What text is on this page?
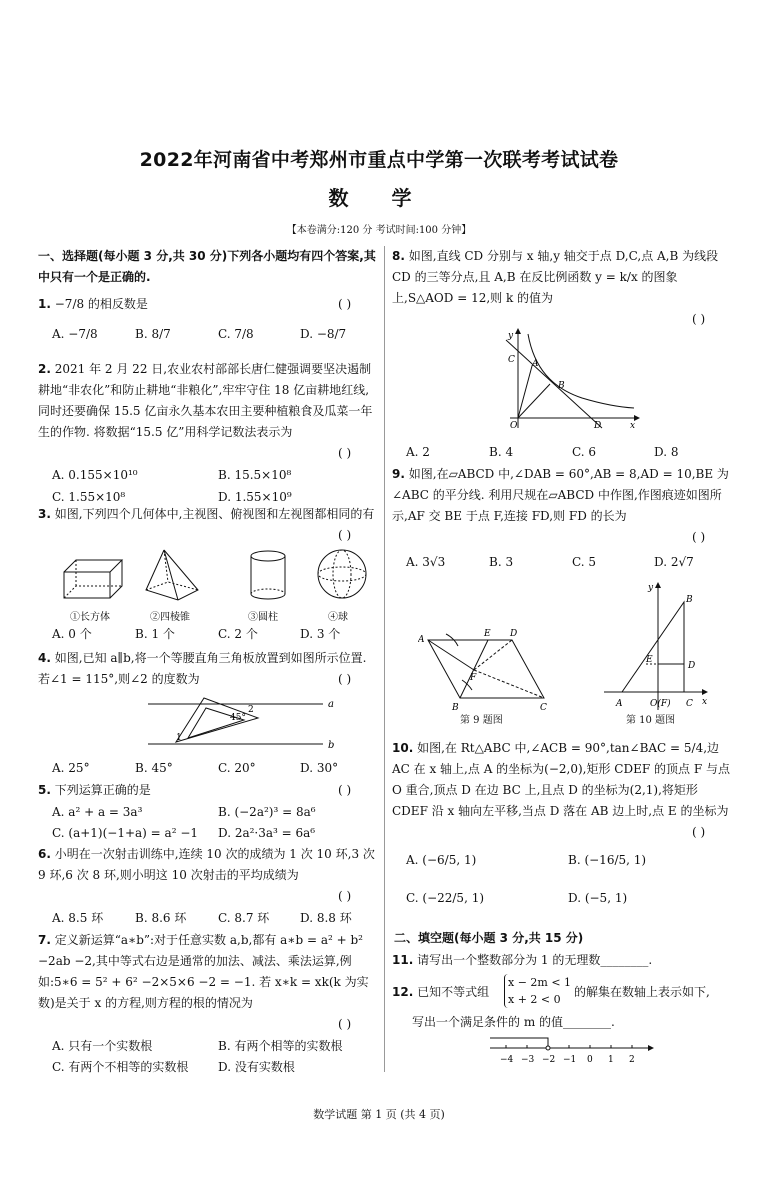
2022年河南省中考郑州市重点中学第一次联考考试试卷
数 学
【本卷满分:120 分 考试时间:100 分钟】
一、选择题(每小题 3 分,共 30 分)下列各小题均有四个答案,其中只有一个是正确的.
1. −7/8 的相反数是	( )
A. −7/8	B. 8/7	C. 7/8	D. −8/7
2. 2021 年 2 月 22 日,农业农村部部长唐仁健强调要坚决遏制耕地“非农化”和防止耕地“非粮化”,牢牢守住 18 亿亩耕地红线,同时还要确保 15.5 亿亩永久基本农田主要种植粮食及瓜菜一年生的作物. 将数据“15.5 亿”用科学记数法表示为
( )
A. 0.155×10¹⁰	B. 15.5×10⁸
C. 1.55×10⁸	D. 1.55×10⁹
3. 如图,下列四个几何体中,主视图、俯视图和左视图都相同的有
( )
①长方体	②四棱锥	③圆柱	④球
A. 0 个	B. 1 个	C. 2 个	D. 3 个
4. 如图,已知 a∥b,将一个等腰直角三角板放置到如图所示位置. 若∠1 = 115°,则∠2 的度数为	( )
a
b
45°
1
2
A. 25°	B. 45°	C. 20°	D. 30°
5. 下列运算正确的是	( )
A. a² + a = 3a³	B. (−2a²)³ = 8a⁶
C. (a+1)(−1+a) = a² −1 D. 2a²·3a³ = 6a⁶
6. 小明在一次射击训练中,连续 10 次的成绩为 1 次 10 环,3 次 9 环,6 次 8 环,则小明这 10 次射击的平均成绩为
( )
A. 8.5 环	B. 8.6 环	C. 8.7 环	D. 8.8 环
7. 定义新运算“a∗b”:对于任意实数 a,b,都有 a∗b = a² + b² −2ab −2,其中等式右边是通常的加法、减法、乘法运算,例如:5∗6 = 5² + 6² −2×5×6 −2 = −1. 若 x∗k = xk(k 为实数)是关于 x 的方程,则方程的根的情况为
( )
A. 只有一个实数根	B. 有两个相等的实数根
C. 有两个不相等的实数根 D. 没有实数根
8. 如图,直线 CD 分别与 x 轴,y 轴交于点 D,C,点 A,B 为线段 CD 的三等分点,且 A,B 在反比例函数 y = k/x 的图象上,S△AOD = 12,则 k 的值为
( )
y
x
C A
B
O	D
A. 2	B. 4	C. 6	D. 8
9. 如图,在▱ABCD 中,∠DAB = 60°,AB = 8,AD = 10,BE 为∠ABC 的平分线. 利用尺规在▱ABCD 中作图,作图痕迹如图所示,AF 交 BE 于点 F,连接 FD,则 FD 的长为
( )
A. 3√3	B. 3	C. 5	D. 2√7
A
E D
F
B	C
第 9 题图
y
x
B
E
D
A	O(F) C
第 10 题图
10. 如图,在 Rt△ABC 中,∠ACB = 90°,tan∠BAC = 5/4,边 AC 在 x 轴上,点 A 的坐标为(−2,0),矩形 CDEF 的顶点 F 与点 O 重合,顶点 D 在边 BC 上,且点 D 的坐标为(2,1),将矩形 CDEF 沿 x 轴向左平移,当点 D 落在 AB 边上时,点 E 的坐标为
( )
A. (−6/5, 1)	B. (−16/5, 1)
C. (−22/5, 1)	D. (−5, 1)
二、填空题(每小题 3 分,共 15 分)
11. 请写出一个整数部分为 1 的无理数________.
12. 已知不等式组
x − 2m < 1
x + 2 < 0
的解集在数轴上表示如下,
写出一个满足条件的 m 的值________.
−4 −3 −2 −1 0 1 2
数学试题 第 1 页 (共 4 页)
